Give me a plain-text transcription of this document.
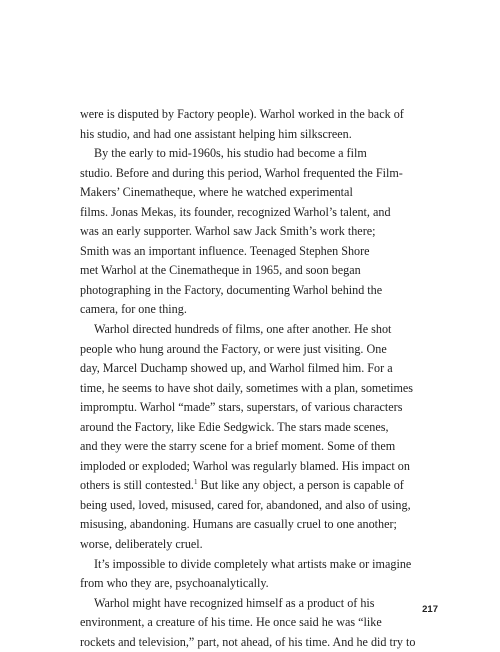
were is disputed by Factory people). Warhol worked in the back of
his studio, and had one assistant helping him silkscreen.
By the early to mid-1960s, his studio had become a film
studio. Before and during this period, Warhol frequented the Film-
Makers’ Cinematheque, where he watched experimental
films. Jonas Mekas, its founder, recognized Warhol’s talent, and
was an early supporter. Warhol saw Jack Smith’s work there;
Smith was an important influence. Teenaged Stephen Shore
met Warhol at the Cinematheque in 1965, and soon began
photographing in the Factory, documenting Warhol behind the
camera, for one thing.
Warhol directed hundreds of films, one after another. He shot
people who hung around the Factory, or were just visiting. One
day, Marcel Duchamp showed up, and Warhol filmed him. For a
time, he seems to have shot daily, sometimes with a plan, sometimes
impromptu. Warhol “made” stars, superstars, of various characters
around the Factory, like Edie Sedgwick. The stars made scenes,
and they were the starry scene for a brief moment. Some of them
imploded or exploded; Warhol was regularly blamed. His impact on
others is still contested.$^1$ But like any object, a person is capable of
being used, loved, misused, cared for, abandoned, and also of using,
misusing, abandoning. Humans are casually cruel to one another;
worse, deliberately cruel.
It’s impossible to divide completely what artists make or imagine
from who they are, psychoanalytically.
Warhol might have recognized himself as a product of his
environment, a creature of his time. He once said he was “like
rockets and television,” part, not ahead, of his time. And he did try to
217
